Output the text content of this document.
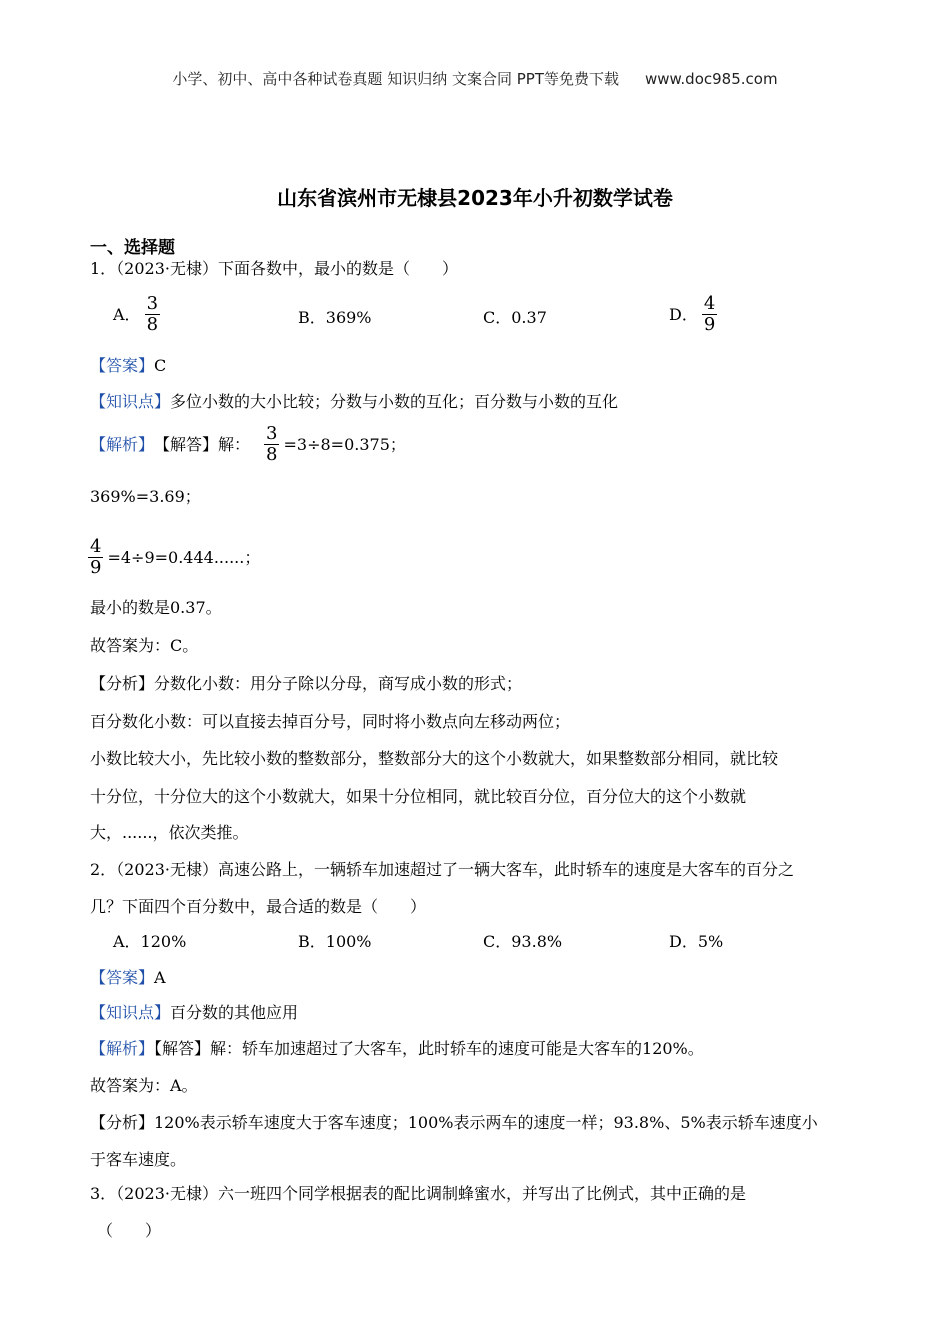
小学、初中、高中各种试卷真题 知识归纳 文案合同 PPT等免费下载 www.doc985.com
山东省滨州市无棣县2023年小升初数学试卷
一、选择题
1．（2023·无棣）下面各数中，最小的数是（　　）
A． $\frac{3}{8}$	B．369%	C．0.37	D． $\frac{4}{9}$
【答案】C
【知识点】多位小数的大小比较；分数与小数的互化；百分数与小数的互化
【解析】 【解答】解： $\frac{3}{8} =3\div 8=0.375$；
369%=3.69；
$\frac{4}{9} =4\div 9=0.444$......；
最小的数是0.37。
故答案为：C。
【分析】分数化小数：用分子除以分母，商写成小数的形式；
百分数化小数：可以直接去掉百分号，同时将小数点向左移动两位；
小数比较大小，先比较小数的整数部分，整数部分大的这个小数就大，如果整数部分相同，就比较
十分位，十分位大的这个小数就大，如果十分位相同，就比较百分位，百分位大的这个小数就
大，......，依次类推。
2．（2023·无棣）高速公路上，一辆轿车加速超过了一辆大客车，此时轿车的速度是大客车的百分之
几？下面四个百分数中，最合适的数是（　　）
A．120%	B．100%	C．93.8%	D．5%
【答案】A
【知识点】百分数的其他应用
【解析】【解答】解：轿车加速超过了大客车，此时轿车的速度可能是大客车的120%。
故答案为：A。
【分析】120%表示轿车速度大于客车速度；100%表示两车的速度一样；93.8%、5%表示轿车速度小
于客车速度。
3．（2023·无棣）六一班四个同学根据表的配比调制蜂蜜水，并写出了比例式，其中正确的是
（　　）
